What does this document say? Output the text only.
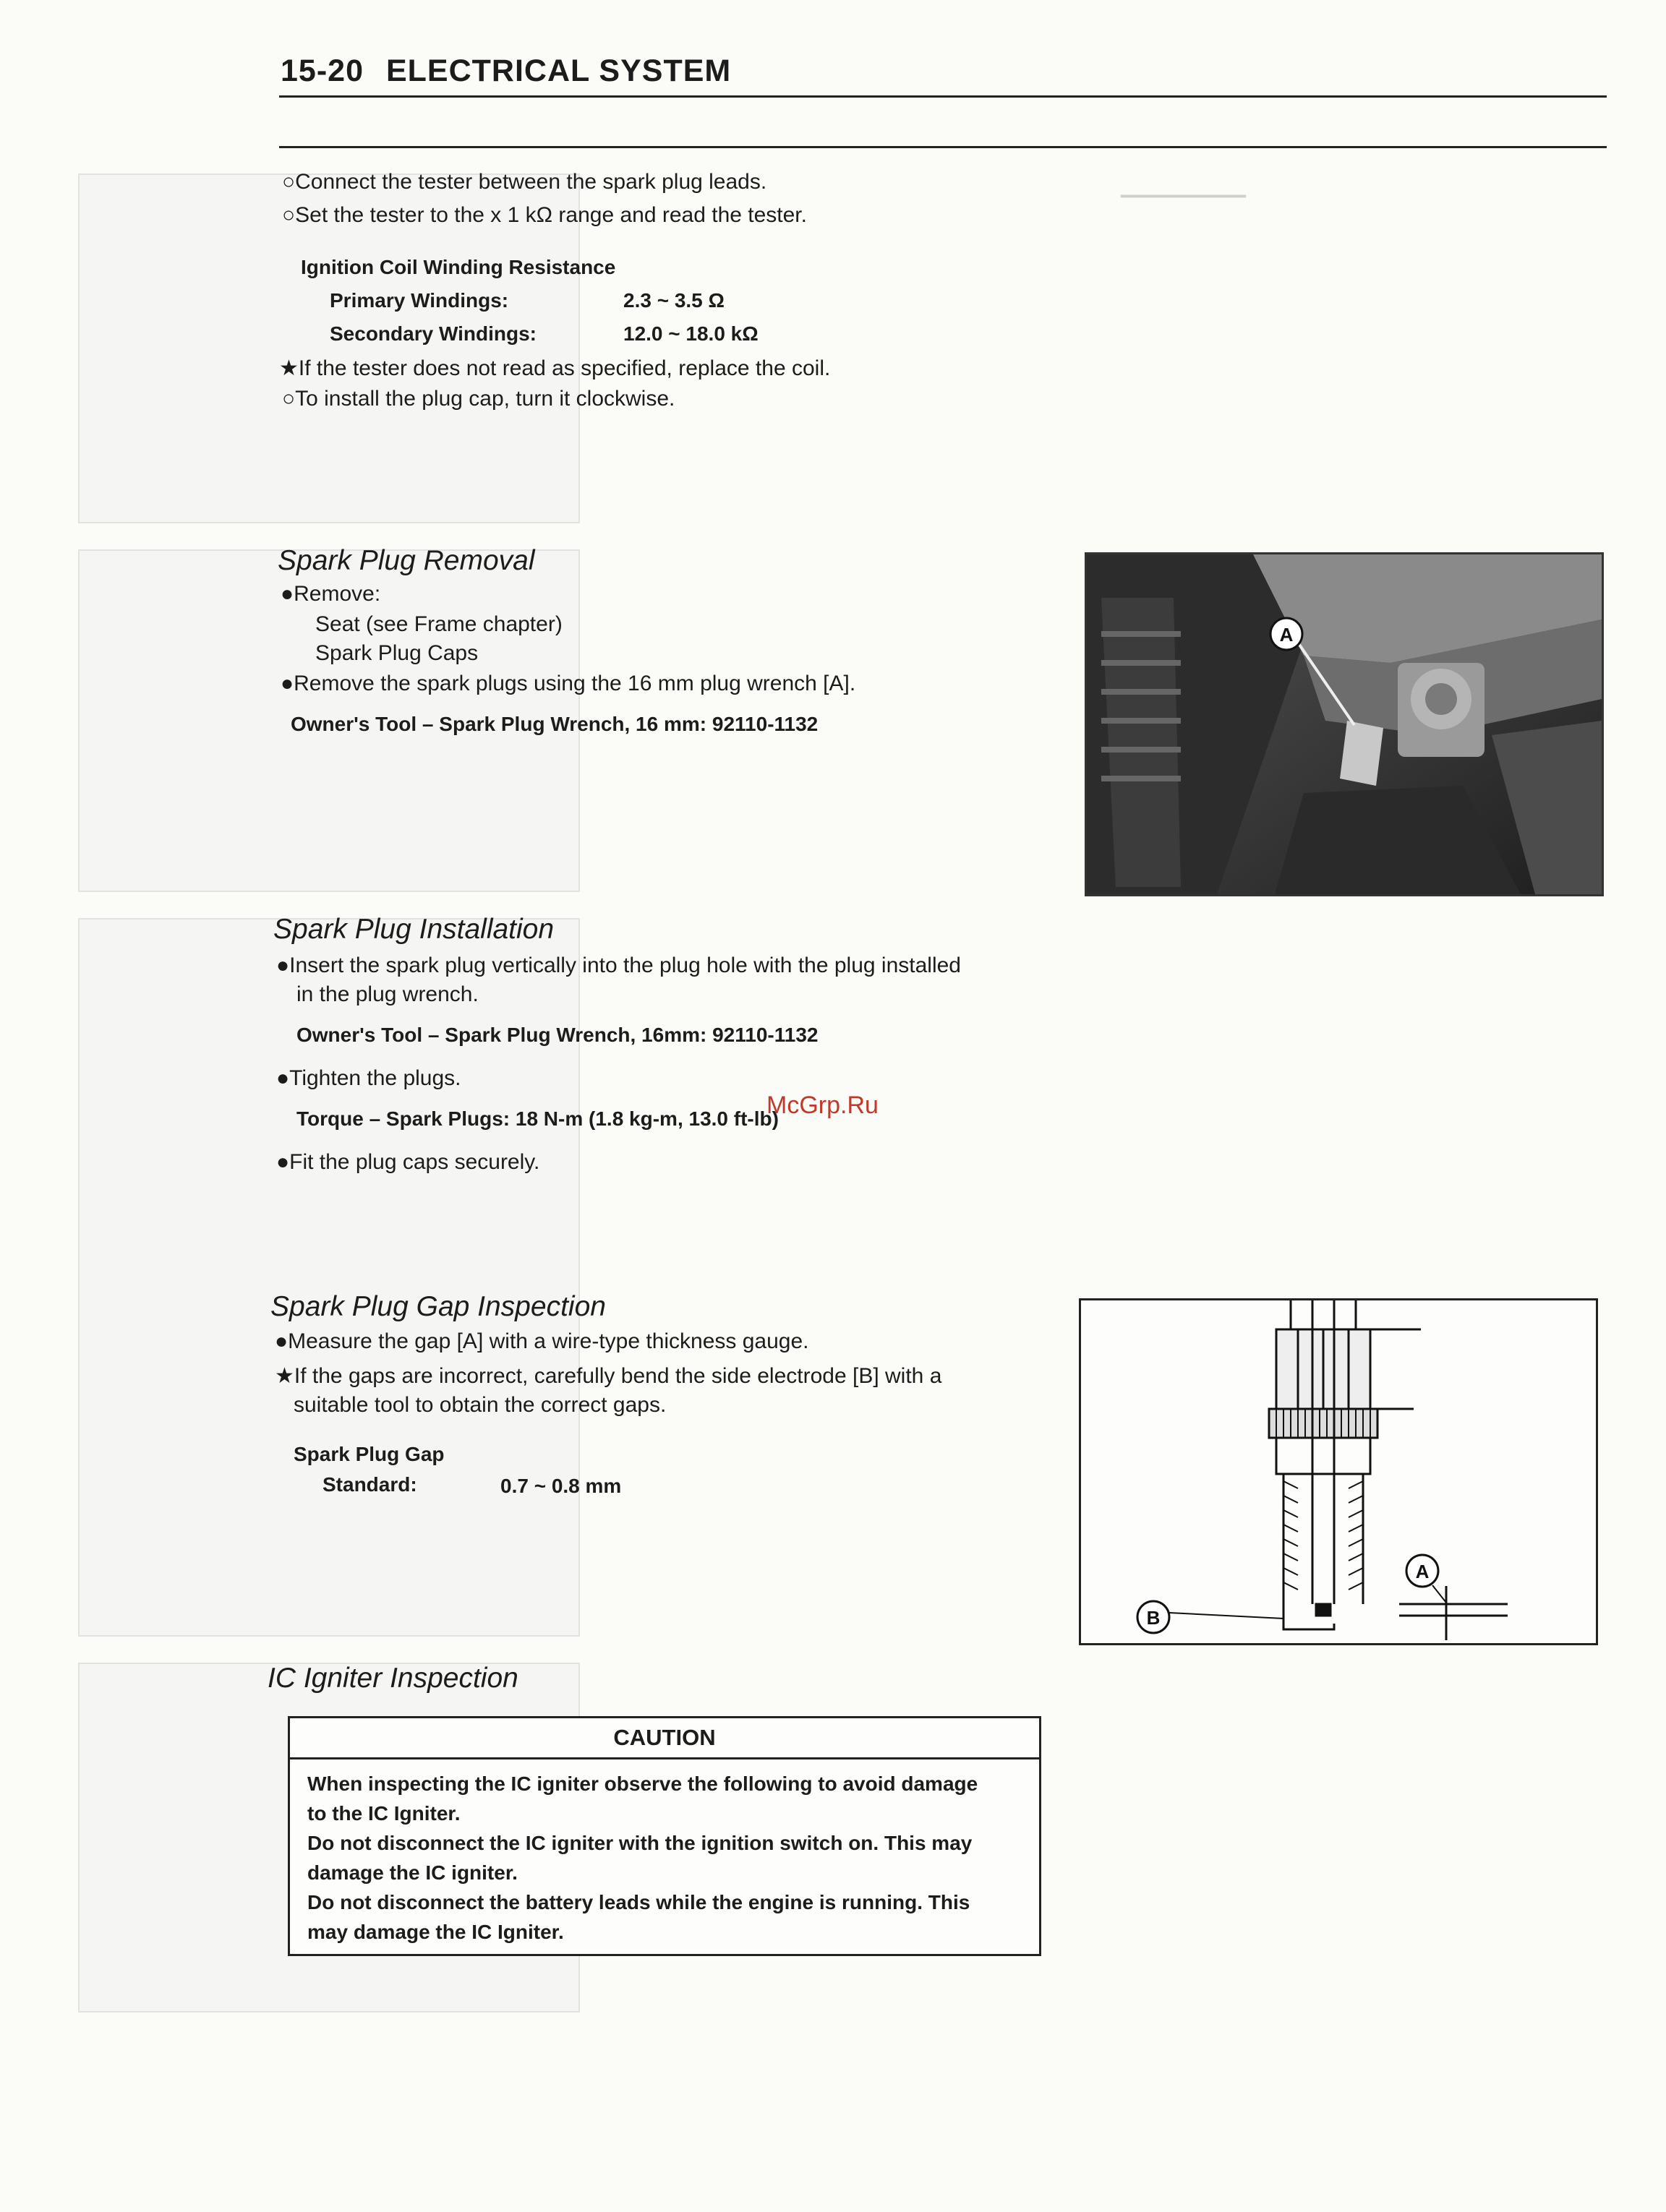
▁▁▁▁▁▁▁▁▁
15-20 ELECTRICAL SYSTEM
○Connect the tester between the spark plug leads.
○Set the tester to the x 1 kΩ range and read the tester.
Ignition Coil Winding Resistance
Primary Windings:	2.3 ~ 3.5 Ω
Secondary Windings:	12.0 ~ 18.0 kΩ
★If the tester does not read as specified, replace the coil.
○To install the plug cap, turn it clockwise.
Spark Plug Removal
●Remove:
Seat (see Frame chapter)
Spark Plug Caps
●Remove the spark plugs using the 16 mm plug wrench [A].
Owner's Tool – Spark Plug Wrench, 16 mm: 92110-1132
A
Spark Plug Installation
●Insert the spark plug vertically into the plug hole with the plug installed
in the plug wrench.
Owner's Tool – Spark Plug Wrench, 16mm: 92110-1132
●Tighten the plugs.
Torque – Spark Plugs: 18 N-m (1.8 kg-m, 13.0 ft-lb)
●Fit the plug caps securely.
McGrp.Ru
Spark Plug Gap Inspection
●Measure the gap [A] with a wire-type thickness gauge.
★If the gaps are incorrect, carefully bend the side electrode [B] with a
suitable tool to obtain the correct gaps.
Spark Plug Gap
Standard:	0.7 ~ 0.8 mm
B
A
IC Igniter Inspection
CAUTION
When inspecting the IC igniter observe the following to avoid damage
to the IC Igniter.
Do not disconnect the IC igniter with the ignition switch on. This may
damage the IC igniter.
Do not disconnect the battery leads while the engine is running. This
may damage the IC Igniter.
